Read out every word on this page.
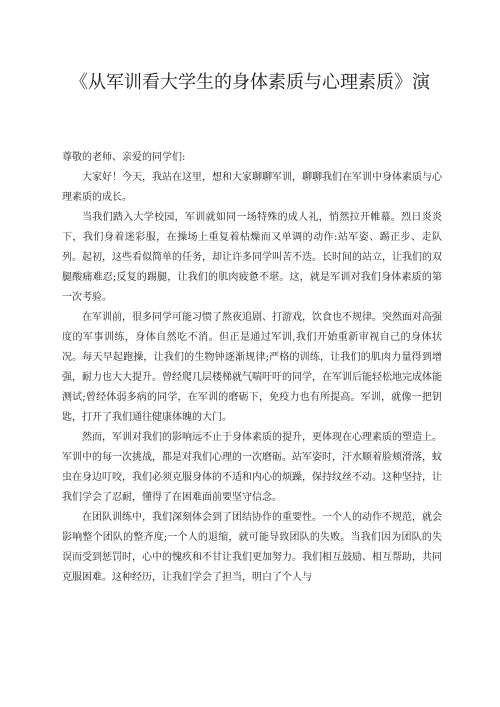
《从军训看大学生的身体素质与心理素质》演

尊敬的老师、亲爱的同学们:

大家好！今天，我站在这里，想和大家聊聊军训，聊聊我们在军训中身体素质与心理素质的成长。

当我们踏入大学校园，军训就如同一场特殊的成人礼，悄然拉开帷幕。烈日炎炎下，我们身着迷彩服，在操场上重复着枯燥而又单调的动作:站军姿、踢正步、走队列。起初，这些看似简单的任务，却让许多同学叫苦不迭。长时间的站立，让我们的双腿酸痛难忍;反复的踢腿，让我们的肌肉疲惫不堪。这，就是军训对我们身体素质的第一次考验。

在军训前，很多同学可能习惯了熬夜追剧、打游戏，饮食也不规律。突然面对高强度的军事训练，身体自然吃不消。但正是通过军训,我们开始重新审视自己的身体状况。每天早起跑操，让我们的生物钟逐渐规律;严格的训练，让我们的肌肉力量得到增强，耐力也大大提升。曾经爬几层楼梯就气喘吁吁的同学，在军训后能轻松地完成体能测试;曾经体弱多病的同学，在军训的磨砺下，免疫力也有所提高。军训，就像一把钥匙，打开了我们通往健康体魄的大门。

然而，军训对我们的影响远不止于身体素质的提升，更体现在心理素质的塑造上。军训中的每一次挑战，都是对我们心理的一次磨砺。站军姿时，汗水顺着脸颊滑落，蚊虫在身边叮咬，我们必须克服身体的不适和内心的烦躁，保持纹丝不动。这种坚持，让我们学会了忍耐，懂得了在困难面前要坚守信念。

在团队训练中，我们深刻体会到了团结协作的重要性。一个人的动作不规范，就会影响整个团队的整齐度;一个人的退缩，就可能导致团队的失败。当我们因为团队的失误而受到惩罚时，心中的愧疚和不甘让我们更加努力。我们相互鼓励、相互帮助，共同克服困难。这种经历，让我们学会了担当，明白了个人与
